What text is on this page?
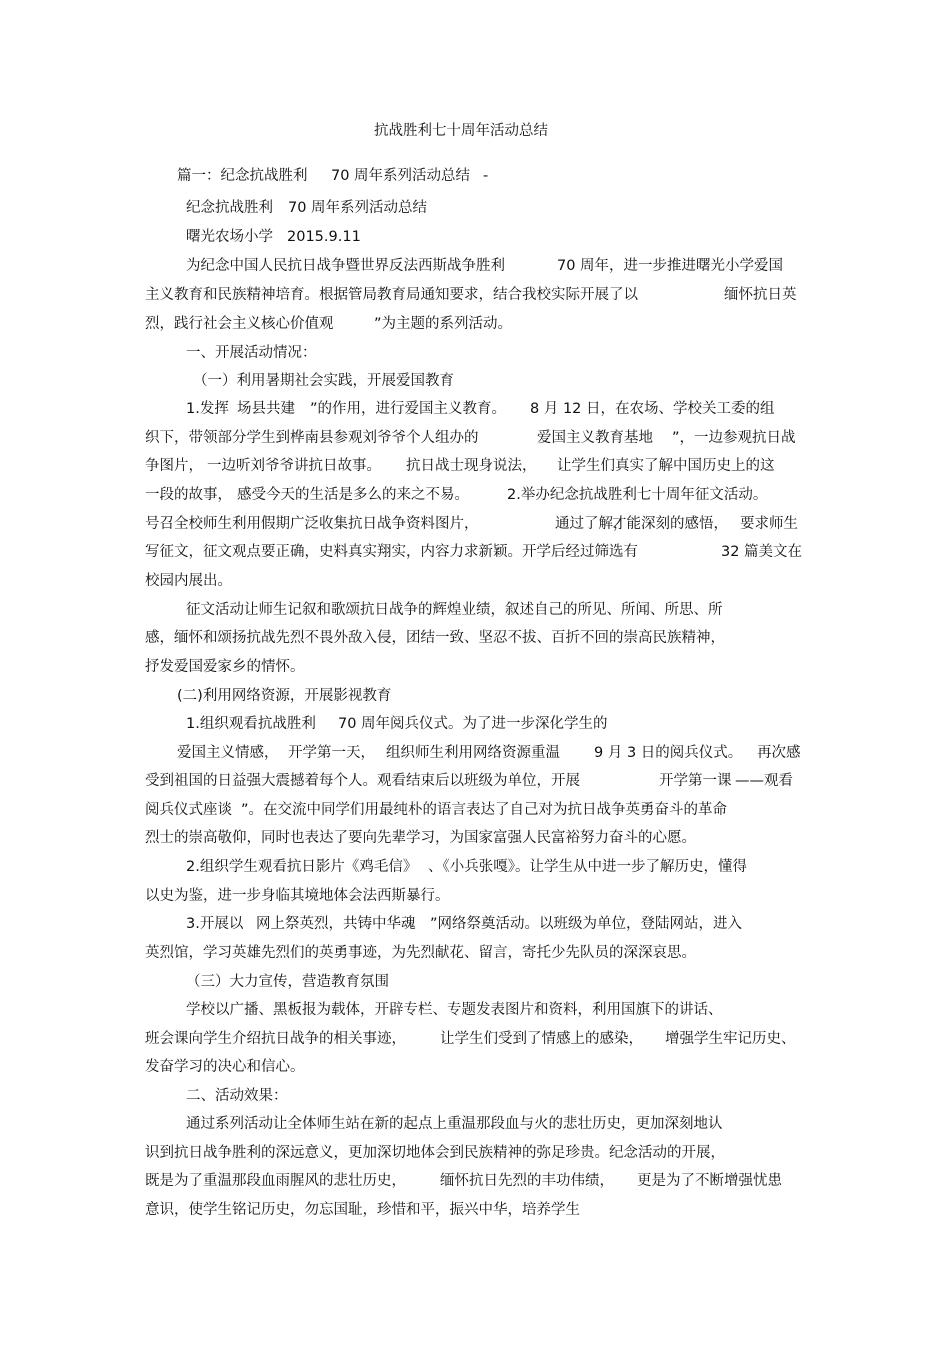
抗战胜利七十周年活动总结
篇一：纪念抗战胜利 70 周年系列活动总结 -
纪念抗战胜利 70 周年系列活动总结
曙光农场小学 2015.9.11
为纪念中国人民抗日战争暨世界反法西斯战争胜利	70 周年，进一步推进曙光小学爱国
主义教育和民族精神培育。根据管局教育局通知要求，结合我校实际开展了以	缅怀抗日英
烈，践行社会主义核心价值观	”为主题的系列活动。
一、开展活动情况：
（一）利用暑期社会实践，开展爱国教育
1.发挥 场县共建 ”的作用，进行爱国主义教育。 8 月 12 日，在农场、学校关工委的组
织下，带领部分学生到桦南县参观刘爷爷个人组办的	爱国主义教育基地 ”，一边参观抗日战
争图片， 一边听刘爷爷讲抗日故事。 抗日战士现身说法， 让学生们真实了解中国历史上的这
一段的故事， 感受今天的生活是多么的来之不易。	2.举办纪念抗战胜利七十周年征文活动。
号召全校师生利用假期广泛收集抗日战争资料图片，	通过了解，
才能深刻的感悟， 要求师生
写征文，征文观点要正确，史料真实翔实，内容力求新颖。开学后经过筛选有	32 篇美文在
校园内展出。
征文活动让师生记叙和歌颂抗日战争的辉煌业绩，叙述自己的所见、所闻、所思、所
感，缅怀和颂扬抗战先烈不畏外敌入侵，团结一致、坚忍不拔、百折不回的崇高民族精神，
抒发爱国爱家乡的情怀。
(二)利用网络资源，开展影视教育
1.组织观看抗战胜利 70 周年阅兵仪式。为了进一步深化学生的
爱国主义情感， 开学第一天， 组织师生利用网络资源重温 9 月 3 日的阅兵仪式。 再次感
受到祖国的日益强大震撼着每个人。观看结束后以班级为单位，开展	开学第一课 ——观看
阅兵仪式座谈 ”。在交流中同学们用最纯朴的语言表达了自己对为抗日战争英勇奋斗的革命
烈士的崇高敬仰，同时也表达了要向先辈学习，为国家富强人民富裕努力奋斗的心愿。
2.组织学生观看抗日影片《鸡毛信》 、《小兵张嘎》。让学生从中进一步了解历史，懂得
以史为鉴，进一步身临其境地体会法西斯暴行。
3.开展以 网上祭英烈，共铸中华魂 ”网络祭奠活动。以班级为单位，登陆网站，进入
英烈馆，学习英雄先烈们的英勇事迹，为先烈献花、留言，寄托少先队员的深深哀思。
（三）大力宣传，营造教育氛围
学校以广播、黑板报为载体，开辟专栏、专题发表图片和资料，利用国旗下的讲话、
班会课向学生介绍抗日战争的相关事迹， 让学生们受到了情感上的感染， 增强学生牢记历史、
发奋学习的决心和信心。
二、活动效果：
通过系列活动让全体师生站在新的起点上重温那段血与火的悲壮历史，更加深刻地认
识到抗日战争胜利的深远意义，更加深切地体会到民族精神的弥足珍贵。纪念活动的开展，
既是为了重温那段血雨腥风的悲壮历史， 缅怀抗日先烈的丰功伟绩， 更是为了不断增强忧患
意识，使学生铭记历史，勿忘国耻，珍惜和平，振兴中华，培养学生
